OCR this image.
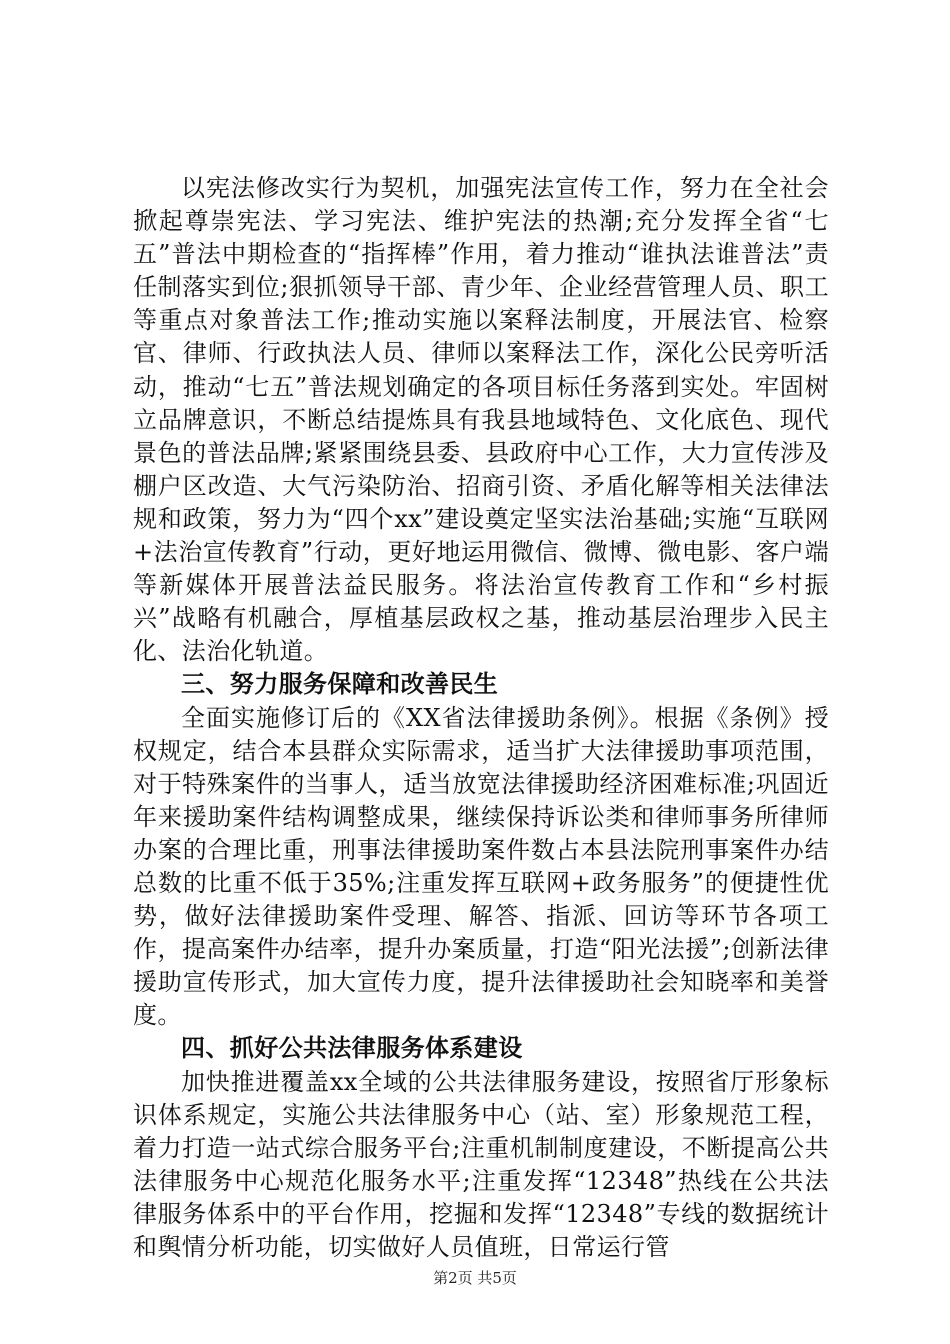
以宪法修改实行为契机，加强宪法宣传工作，努力在全社会掀起尊崇宪法、学习宪法、维护宪法的热潮;充分发挥全省“七五”普法中期检查的“指挥棒”作用，着力推动“谁执法谁普法”责任制落实到位;狠抓领导干部、青少年、企业经营管理人员、职工等重点对象普法工作;推动实施以案释法制度，开展法官、检察官、律师、行政执法人员、律师以案释法工作，深化公民旁听活动，推动“七五”普法规划确定的各项目标任务落到实处。牢固树立品牌意识，不断总结提炼具有我县地域特色、文化底色、现代景色的普法品牌;紧紧围绕县委、县政府中心工作，大力宣传涉及棚户区改造、大气污染防治、招商引资、矛盾化解等相关法律法规和政策，努力为“四个xx”建设奠定坚实法治基础;实施“互联网+法治宣传教育”行动，更好地运用微信、微博、微电影、客户端等新媒体开展普法益民服务。将法治宣传教育工作和“乡村振兴”战略有机融合，厚植基层政权之基，推动基层治理步入民主化、法治化轨道。

三、努力服务保障和改善民生

全面实施修订后的《XX省法律援助条例》。根据《条例》授权规定，结合本县群众实际需求，适当扩大法律援助事项范围，对于特殊案件的当事人，适当放宽法律援助经济困难标准;巩固近年来援助案件结构调整成果，继续保持诉讼类和律师事务所律师办案的合理比重，刑事法律援助案件数占本县法院刑事案件办结总数的比重不低于35%;注重发挥互联网+政务服务”的便捷性优势，做好法律援助案件受理、解答、指派、回访等环节各项工作，提高案件办结率，提升办案质量，打造“阳光法援”;创新法律援助宣传形式，加大宣传力度，提升法律援助社会知晓率和美誉度。

四、抓好公共法律服务体系建设

加快推进覆盖xx全域的公共法律服务建设，按照省厅形象标识体系规定，实施公共法律服务中心（站、室）形象规范工程，着力打造一站式综合服务平台;注重机制制度建设，不断提高公共法律服务中心规范化服务水平;注重发挥“12348”热线在公共法律服务体系中的平台作用，挖掘和发挥“12348”专线的数据统计和舆情分析功能，切实做好人员值班，日常运行管

第2页 共5页
